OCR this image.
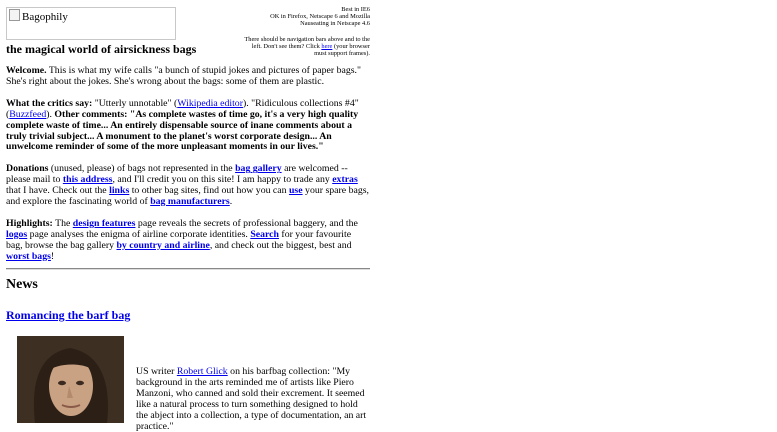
Bagophily
the magical world of airsickness bags
Best in IE6
OK in Firefox, Netscape 6 and Mozilla
Nauseating in Netscape 4.6
There should be navigation bars above and to the left. Don't see them? Click here (your browser must support frames).

Welcome. This is what my wife calls "a bunch of stupid jokes and pictures of paper bags." She's right about the jokes. She's wrong about the bags: some of them are plastic.

What the critics say: "Utterly unnotable" (Wikipedia editor). "Ridiculous collections #4" (Buzzfeed). Other comments: "As complete wastes of time go, it's a very high quality complete waste of time... An entirely dispensable source of inane comments about a truly trivial subject... A monument to the planet's worst corporate design... An unwelcome reminder of some of the more unpleasant moments in our lives."

Donations (unused, please) of bags not represented in the bag gallery are welcomed -- please mail to this address, and I'll credit you on this site! I am happy to trade any extras that I have. Check out the links to other bag sites, find out how you can use your spare bags, and explore the fascinating world of bag manufacturers.

Highlights: The design features page reveals the secrets of professional baggery, and the logos page analyses the enigma of airline corporate identities. Search for your favourite bag, browse the bag gallery by country and airline, and check out the biggest, best and worst bags!

News
Romancing the barf bag
US writer Robert Glick on his barfbag collection: "My background in the arts reminded me of artists like Piero Manzoni, who canned and sold their excrement. It seemed like a natural process to turn something designed to hold the abject into a collection, a type of documentation, an art practice."
